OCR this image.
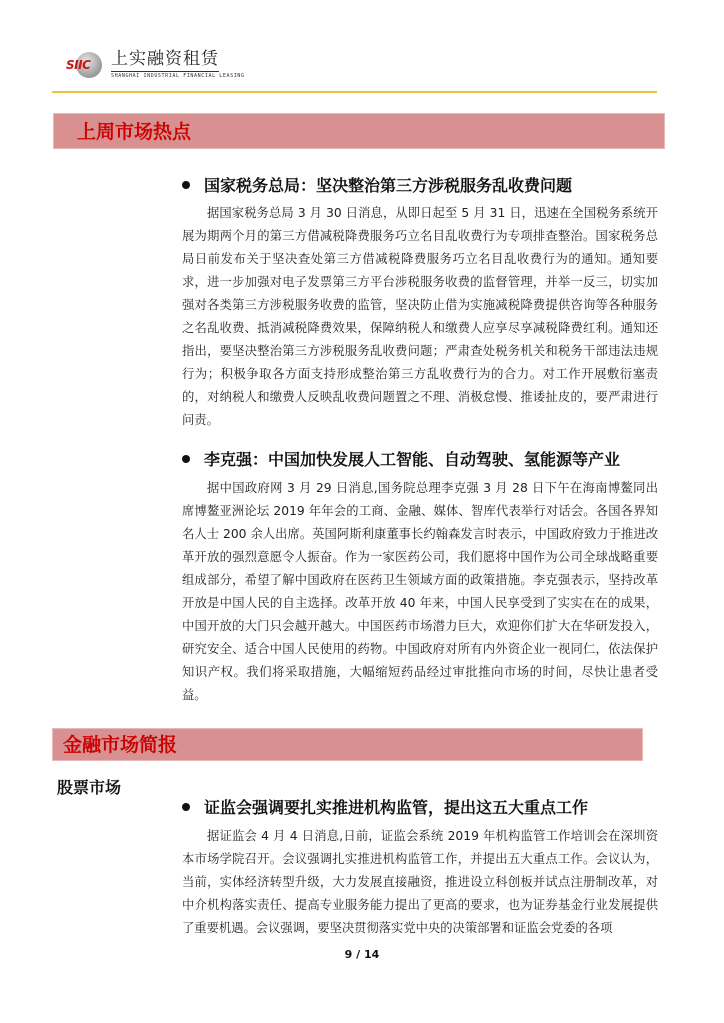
SIIC 上实融资租赁
SHANGHAI INDUSTRIAL FINANCIAL LEASING
上周市场热点
国家税务总局：坚决整治第三方涉税服务乱收费问题

据国家税务总局 3 月 30 日消息，从即日起至 5 月 31 日，迅速在全国税务系统开展为期两个月的第三方借减税降费服务巧立名目乱收费行为专项排查整治。国家税务总局日前发布关于坚决查处第三方借减税降费服务巧立名目乱收费行为的通知。通知要求，进一步加强对电子发票第三方平台涉税服务收费的监督管理，并举一反三，切实加强对各类第三方涉税服务收费的监管，坚决防止借为实施减税降费提供咨询等各种服务之名乱收费、抵消减税降费效果，保障纳税人和缴费人应享尽享减税降费红利。通知还指出，要坚决整治第三方涉税服务乱收费问题；严肃查处税务机关和税务干部违法违规行为；积极争取各方面支持形成整治第三方乱收费行为的合力。对工作开展敷衍塞责的，对纳税人和缴费人反映乱收费问题置之不理、消极怠慢、推诿扯皮的，要严肃进行问责。

李克强：中国加快发展人工智能、自动驾驶、氢能源等产业

据中国政府网 3 月 29 日消息,国务院总理李克强 3 月 28 日下午在海南博鳌同出席博鳌亚洲论坛 2019 年年会的工商、金融、媒体、智库代表举行对话会。各国各界知名人士 200 余人出席。英国阿斯利康董事长约翰森发言时表示，中国政府致力于推进改革开放的强烈意愿令人振奋。作为一家医药公司，我们愿将中国作为公司全球战略重要组成部分，希望了解中国政府在医药卫生领域方面的政策措施。李克强表示，坚持改革开放是中国人民的自主选择。改革开放 40 年来，中国人民享受到了实实在在的成果，中国开放的大门只会越开越大。中国医药市场潜力巨大，欢迎你们扩大在华研发投入，研究安全、适合中国人民使用的药物。中国政府对所有内外资企业一视同仁，依法保护知识产权。我们将采取措施，大幅缩短药品经过审批推向市场的时间，尽快让患者受益。

金融市场简报
股票市场
证监会强调要扎实推进机构监管，提出这五大重点工作

据证监会 4 月 4 日消息,日前，证监会系统 2019 年机构监管工作培训会在深圳资本市场学院召开。会议强调扎实推进机构监管工作，并提出五大重点工作。会议认为，当前，实体经济转型升级，大力发展直接融资，推进设立科创板并试点注册制改革，对中介机构落实责任、提高专业服务能力提出了更高的要求，也为证券基金行业发展提供了重要机遇。会议强调，要坚决贯彻落实党中央的决策部署和证监会党委的各项

9 / 14
